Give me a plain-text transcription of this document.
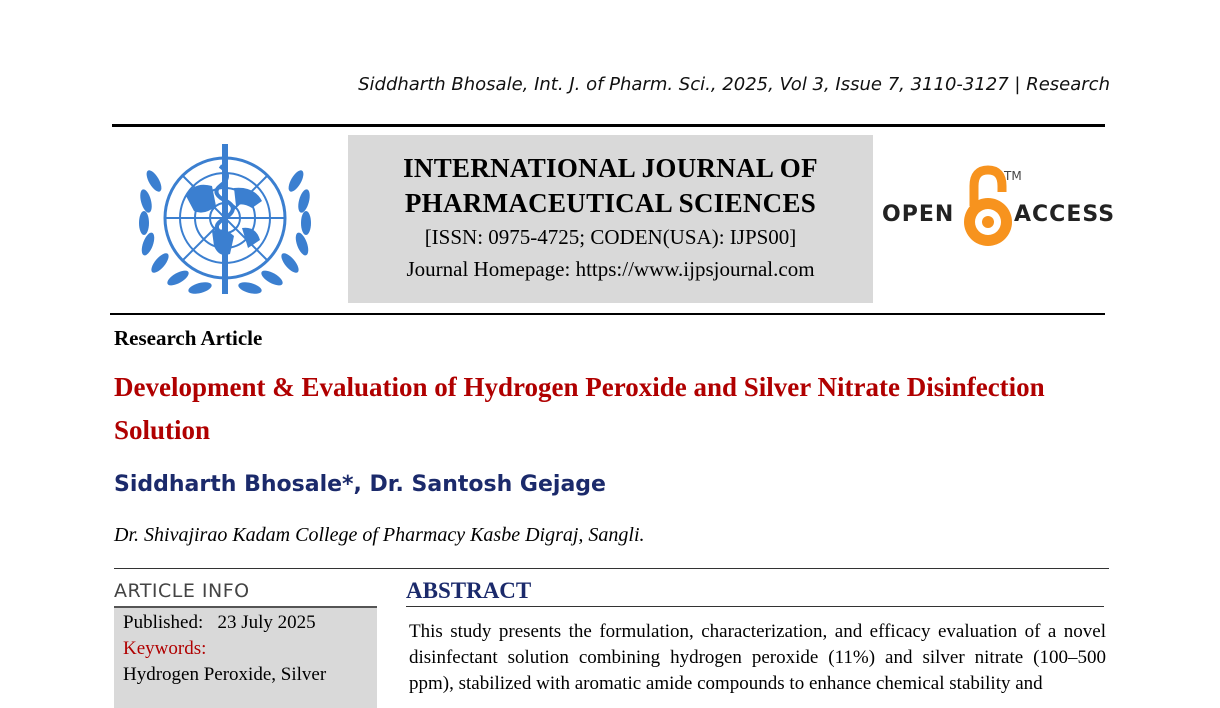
Siddharth Bhosale, Int. J. of Pharm. Sci., 2025, Vol 3, Issue 7, 3110-3127 | Research
INTERNATIONAL JOURNAL OF
PHARMACEUTICAL SCIENCES
[ISSN: 0975-4725; CODEN(USA): IJPS00]
Journal Homepage: https://www.ijpsjournal.com
OPEN
TM
ACCESS
Research Article
Development & Evaluation of Hydrogen Peroxide and Silver Nitrate Disinfection Solution
Siddharth Bhosale*, Dr. Santosh Gejage
Dr. Shivajirao Kadam College of Pharmacy Kasbe Digraj, Sangli.
ARTICLE INFO
Published: 23 July 2025
Keywords:
Hydrogen Peroxide, Silver
ABSTRACT
This study presents the formulation, characterization, and efficacy evaluation of a novel disinfectant solution combining hydrogen peroxide (11%) and silver nitrate (100–500 ppm), stabilized with aromatic amide compounds to enhance chemical stability and
